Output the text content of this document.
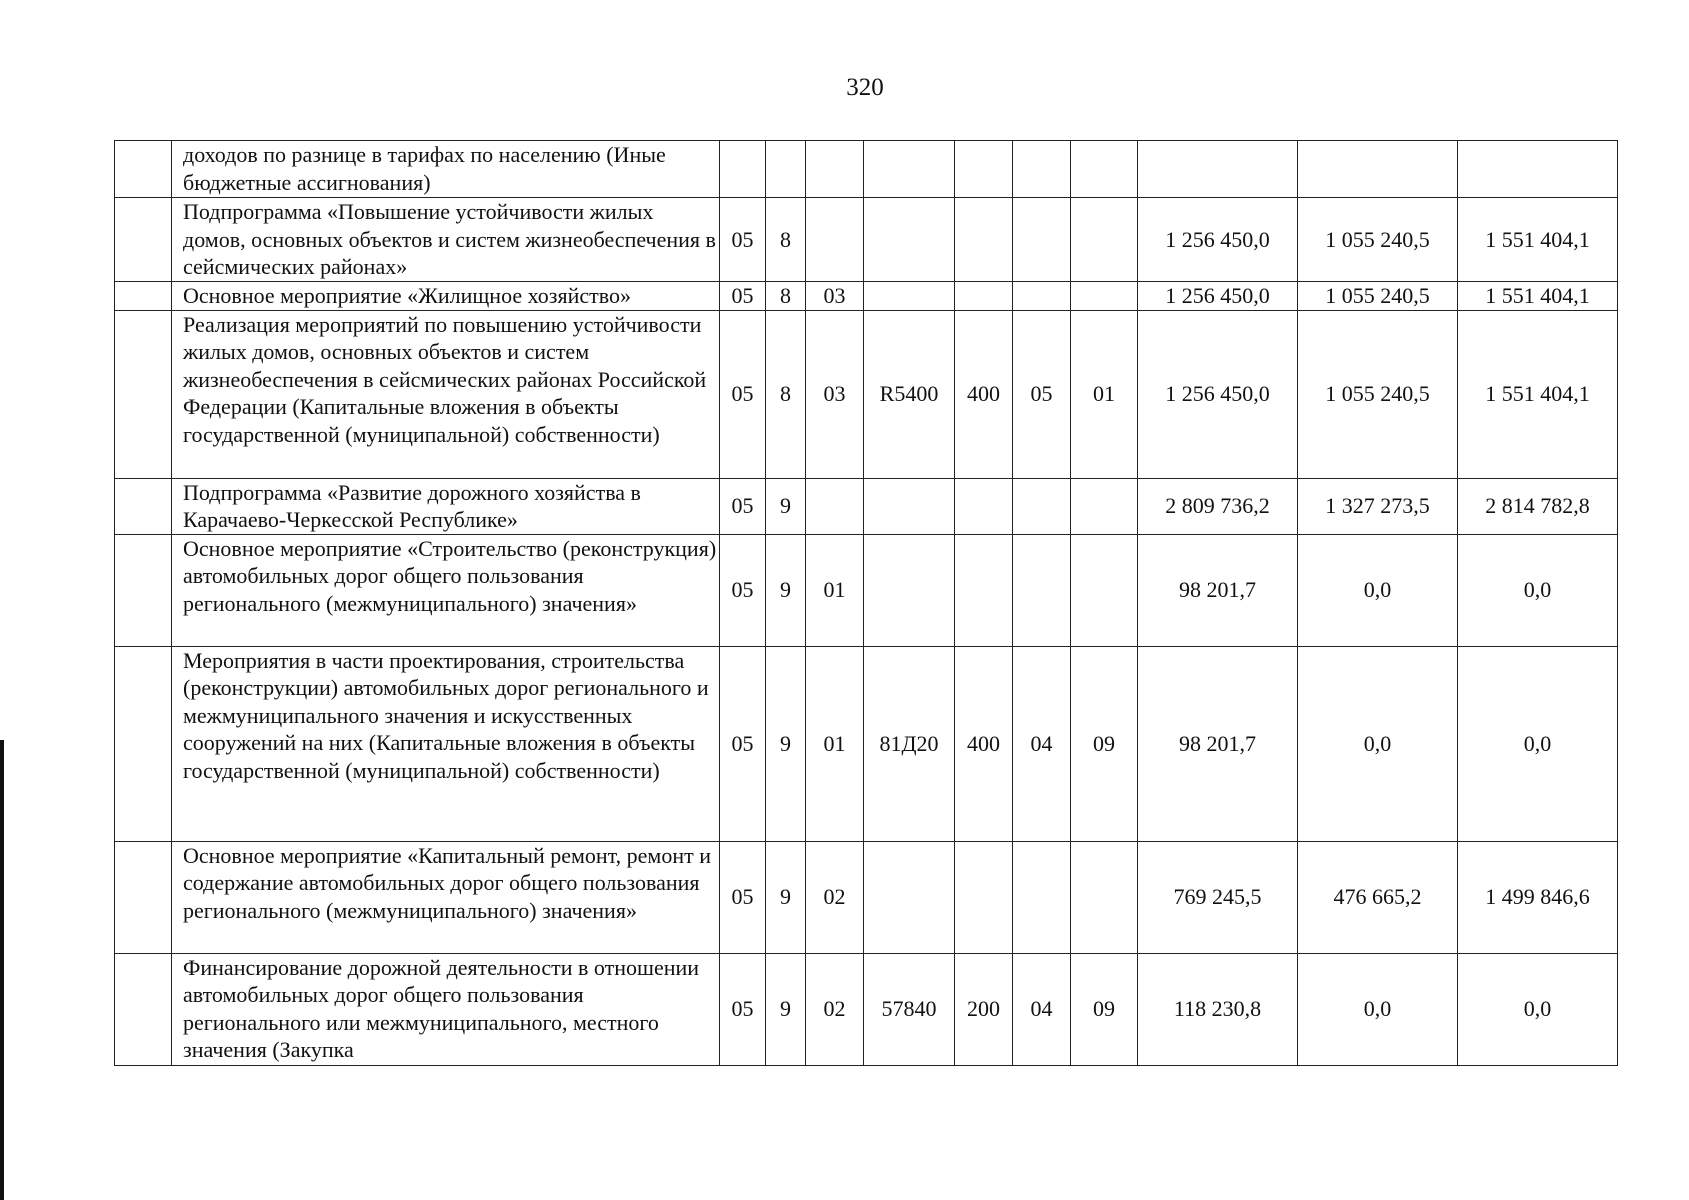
320
	доходов по разнице в тарифах по населению (Иные бюджетные ассигнования)										
	Подпрограмма «Повышение устойчивости жилых домов, основных объектов и систем жизнеобеспечения в сейсмических районах»	05	8						1 256 450,0	1 055 240,5	1 551 404,1
	Основное мероприятие «Жилищное хозяйство»	05	8	03					1 256 450,0	1 055 240,5	1 551 404,1
	Реализация мероприятий по повышению устойчивости жилых домов, основных объектов и систем жизнеобеспечения в сейсмических районах Российской Федерации (Капитальные вложения в объекты государственной (муниципальной) собственности)	05	8	03	R5400	400	05	01	1 256 450,0	1 055 240,5	1 551 404,1
	Подпрограмма «Развитие дорожного хозяйства в Карачаево-Черкесской Республике»	05	9						2 809 736,2	1 327 273,5	2 814 782,8
	Основное мероприятие «Строительство (реконструкция) автомобильных дорог общего пользования регионального (межмуниципального) значения»	05	9	01					98 201,7	0,0	0,0
	Мероприятия в части проектирования, строительства (реконструкции) автомобильных дорог регионального и межмуниципального значения и искусственных сооружений на них (Капитальные вложения в объекты государственной (муниципальной) собственности)	05	9	01	81Д20	400	04	09	98 201,7	0,0	0,0
	Основное мероприятие «Капитальный ремонт, ремонт и содержание автомобильных дорог общего пользования регионального (межмуниципального) значения»	05	9	02					769 245,5	476 665,2	1 499 846,6
	Финансирование дорожной деятельности в отношении автомобильных дорог общего пользования регионального или межмуниципального, местного значения (Закупка	05	9	02	57840	200	04	09	118 230,8	0,0	0,0
